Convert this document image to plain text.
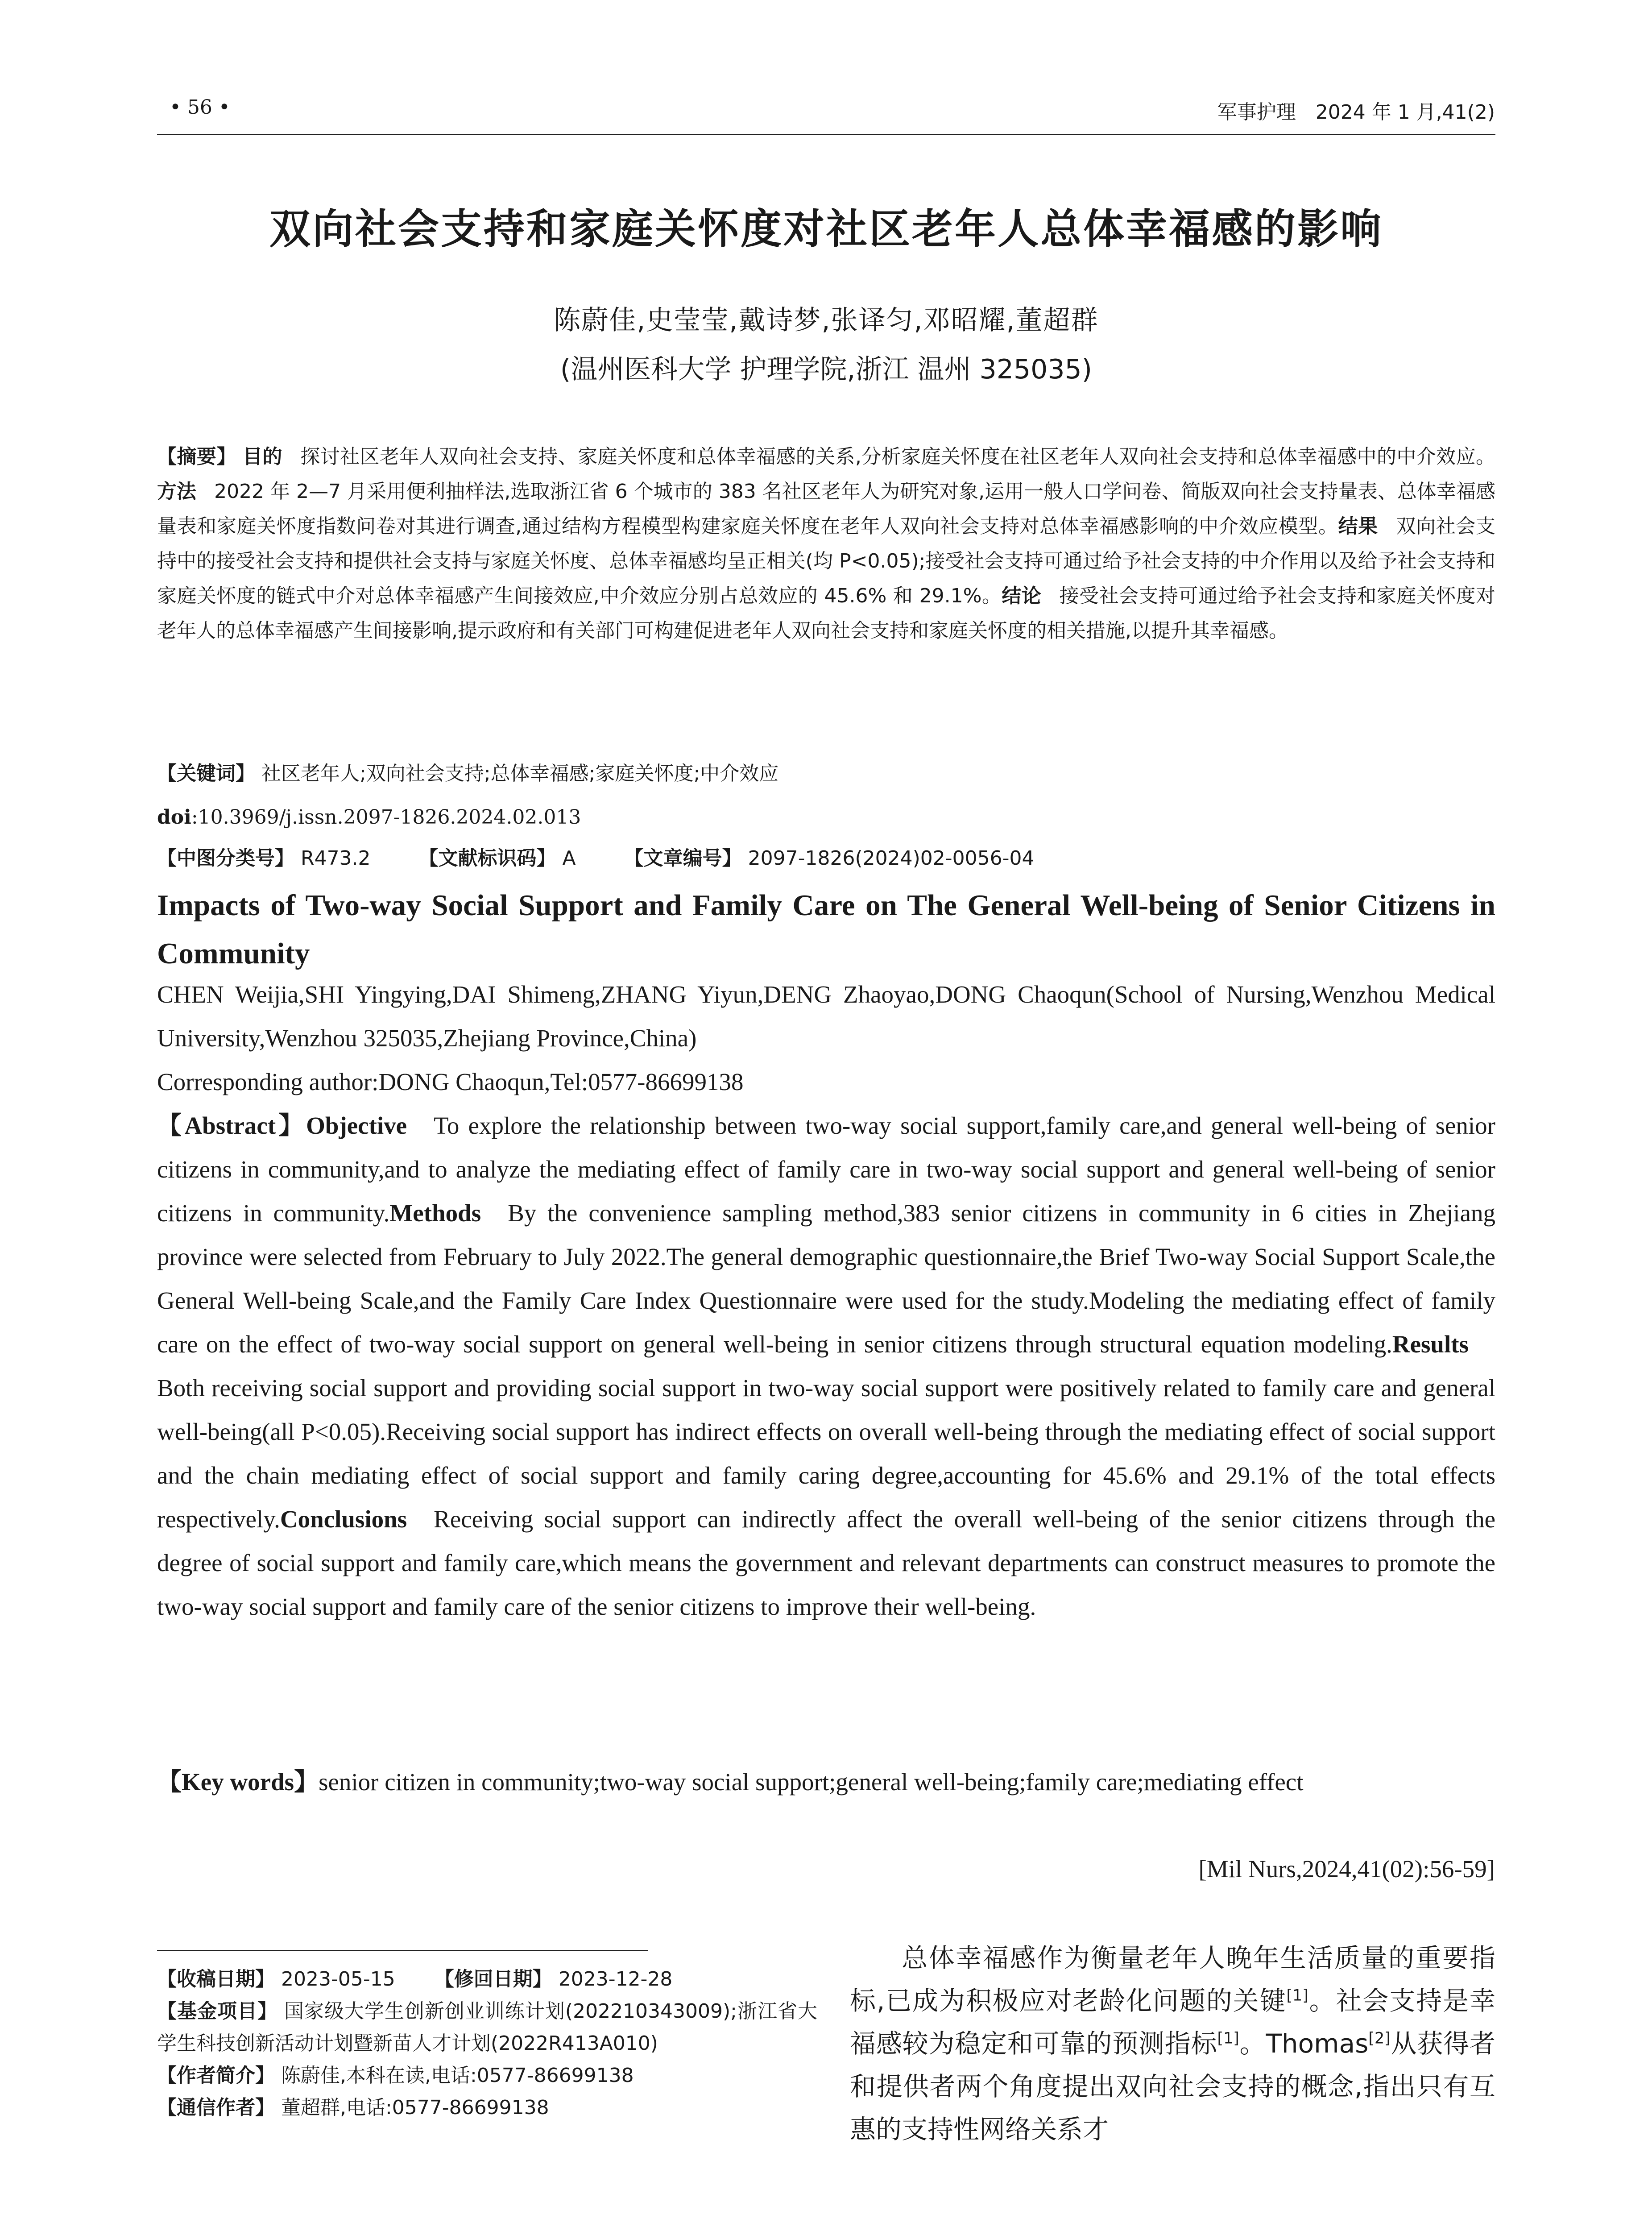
• 56 •	军事护理　2024 年 1 月,41(2)
双向社会支持和家庭关怀度对社区老年人总体幸福感的影响
陈蔚佳,史莹莹,戴诗梦,张译匀,邓昭耀,董超群
(温州医科大学 护理学院,浙江 温州 325035)
【摘要】 目的 探讨社区老年人双向社会支持、家庭关怀度和总体幸福感的关系,分析家庭关怀度在社区老年人双向社会支持和总体幸福感中的中介效应。方法 2022 年 2—7 月采用便利抽样法,选取浙江省 6 个城市的 383 名社区老年人为研究对象,运用一般人口学问卷、简版双向社会支持量表、总体幸福感量表和家庭关怀度指数问卷对其进行调查,通过结构方程模型构建家庭关怀度在老年人双向社会支持对总体幸福感影响的中介效应模型。结果 双向社会支持中的接受社会支持和提供社会支持与家庭关怀度、总体幸福感均呈正相关(均 P<0.05);接受社会支持可通过给予社会支持的中介作用以及给予社会支持和家庭关怀度的链式中介对总体幸福感产生间接效应,中介效应分别占总效应的 45.6% 和 29.1%。结论 接受社会支持可通过给予社会支持和家庭关怀度对老年人的总体幸福感产生间接影响,提示政府和有关部门可构建促进老年人双向社会支持和家庭关怀度的相关措施,以提升其幸福感。
【关键词】 社区老年人;双向社会支持;总体幸福感;家庭关怀度;中介效应
doi:10.3969/j.issn.2097-1826.2024.02.013
【中图分类号】 R473.2 【文献标识码】 A 【文章编号】 2097-1826(2024)02-0056-04
Impacts of Two-way Social Support and Family Care on The General Well-being of Senior Citizens in Community
CHEN Weijia,SHI Yingying,DAI Shimeng,ZHANG Yiyun,DENG Zhaoyao,DONG Chaoqun(School of Nursing,Wenzhou Medical University,Wenzhou 325035,Zhejiang Province,China)
Corresponding author:DONG Chaoqun,Tel:0577-86699138
【Abstract】Objective To explore the relationship between two-way social support,family care,and general well-being of senior citizens in community,and to analyze the mediating effect of family care in two-way social support and general well-being of senior citizens in community.Methods By the convenience sampling method,383 senior citizens in community in 6 cities in Zhejiang province were selected from February to July 2022.The general demographic questionnaire,the Brief Two-way Social Support Scale,the General Well-being Scale,and the Family Care Index Questionnaire were used for the study.Modeling the mediating effect of family care on the effect of two-way social support on general well-being in senior citizens through structural equation modeling.ResultsBoth receiving social support and providing social support in two-way social support were positively related to family care and general well-being(all P<0.05).Receiving social support has indirect effects on overall well-being through the mediating effect of social support and the chain mediating effect of social support and family caring degree,accounting for 45.6% and 29.1% of the total effects respectively.Conclusions Receiving social support can indirectly affect the overall well-being of the senior citizens through the degree of social support and family care,which means the government and relevant departments can construct measures to promote the two-way social support and family care of the senior citizens to improve their well-being.
【Key words】senior citizen in community;two-way social support;general well-being;family care;mediating effect
[Mil Nurs,2024,41(02):56-59]
【收稿日期】 2023-05-15 【修回日期】 2023-12-28
【基金项目】 国家级大学生创新创业训练计划(202210343009);浙江省大学生科技创新活动计划暨新苗人才计划(2022R413A010)
【作者简介】 陈蔚佳,本科在读,电话:0577-86699138
【通信作者】 董超群,电话:0577-86699138
总体幸福感作为衡量老年人晚年生活质量的重要指标,已成为积极应对老龄化问题的关键[1]。社会支持是幸福感较为稳定和可靠的预测指标[1]。Thomas[2]从获得者和提供者两个角度提出双向社会支持的概念,指出只有互惠的支持性网络关系才
